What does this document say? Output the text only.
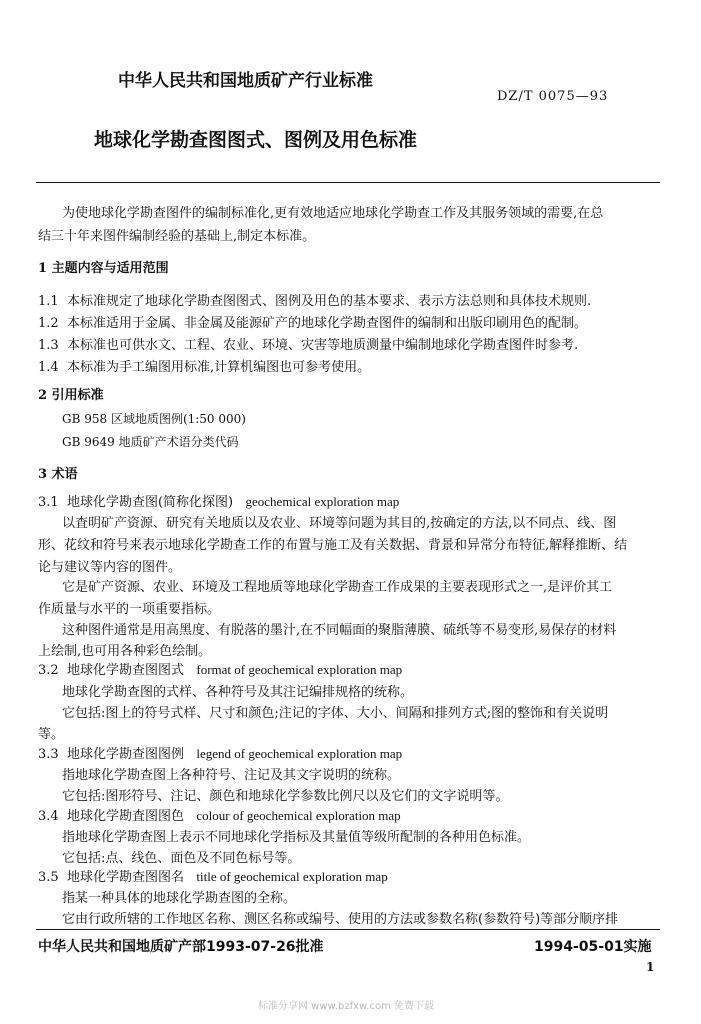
中华人民共和国地质矿产行业标准
DZ/T 0075—93
地球化学勘查图图式、图例及用色标准
为使地球化学勘查图件的编制标准化,更有效地适应地球化学勘查工作及其服务领域的需要,在总
结三十年来图件编制经验的基础上,制定本标准。
1 主题内容与适用范围
1.1 本标准规定了地球化学勘查图图式、图例及用色的基本要求、表示方法总则和具体技术规则.
1.2 本标准适用于金属、非金属及能源矿产的地球化学勘查图件的编制和出版印刷用色的配制。
1.3 本标准也可供水文、工程、农业、环境、灾害等地质测量中编制地球化学勘查图件时参考.
1.4 本标准为手工编图用标准,计算机编图也可参考使用。
2 引用标准
GB 958 区域地质图例(1:50 000)
GB 9649 地质矿产术语分类代码
3 术语
3.1 地球化学勘查图(简称化探图) geochemical exploration map
以査明矿产资源、研究有关地质以及农业、环境等问题为其目的,按确定的方法,以不同点、线、图
形、花纹和符号来表示地球化学勘查工作的布置与施工及有关数据、背景和异常分布特征,解释推断、结
论与建议等内容的图件。
它是矿产资源、农业、环境及工程地质等地球化学勘查工作成果的主要表现形式之一,是评价其工
作质量与水平的一项重要指标。
这种图件通常是用高黑度、有脱落的墨汁,在不同幅面的聚脂薄膜、硫纸等不易变形,易保存的材料
上绘制,也可用各种彩色绘制。
3.2 地球化学勘查图图式 format of geochemical exploration map
地球化学勘查图的式样、各种符号及其注记编排规格的统称。
它包括:图上的符号式样、尺寸和颜色;注记的字体、大小、间隔和排列方式;图的整饰和有关说明
等。
3.3 地球化学勘查图图例 legend of geochemical exploration map
指地球化学勘查图上各种符号、注记及其文字说明的统称。
它包括:图形符号、注记、颜色和地球化学参数比例尺以及它们的文字说明等。
3.4 地球化学勘査图图色 colour of geochemical exploration map
指地球化学勘查图上表示不同地球化学指标及其量值等级所配制的各种用色标准。
它包括:点、线色、面色及不同色标号等。
3.5 地球化学勘查图图名 title of geochemical exploration map
指某一种具体的地球化学勘查图的全称。
它由行政所辖的工作地区名称、测区名称或编号、使用的方法或参数名称(参数符号)等部分顺序排
中华人民共和国地质矿产部1993-07-26批准	1994-05-01实施
1
标准分享网 www.bzfxw.com 免费下载
